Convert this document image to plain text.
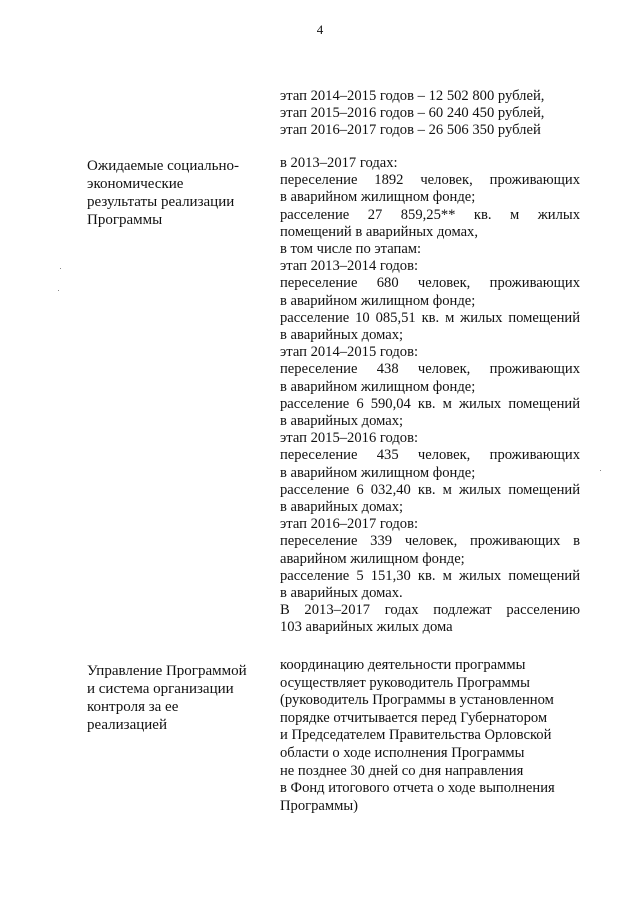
4
этап 2014–2015 годов – 12 502 800 рублей,
этап 2015–2016 годов – 60 240 450 рублей,
этап 2016–2017 годов – 26 506 350 рублей
Ожидаемые социально-экономические результаты реализации Программы
в 2013–2017 годах:
переселение 1892 человек, проживающих
в аварийном жилищном фонде;
расселение 27 859,25** кв. м жилых
помещений в аварийных домах,
в том числе по этапам:
этап 2013–2014 годов:
переселение 680 человек, проживающих
в аварийном жилищном фонде;
расселение 10 085,51 кв. м жилых помещений
в аварийных домах;
этап 2014–2015 годов:
переселение 438 человек, проживающих
в аварийном жилищном фонде;
расселение 6 590,04 кв. м жилых помещений
в аварийных домах;
этап 2015–2016 годов:
переселение 435 человек, проживающих
в аварийном жилищном фонде;
расселение 6 032,40 кв. м жилых помещений
в аварийных домах;
этап 2016–2017 годов:
переселение 339 человек, проживающих в
аварийном жилищном фонде;
расселение 5 151,30 кв. м жилых помещений
в аварийных домах.
В 2013–2017 годах подлежат расселению
103 аварийных жилых дома
Управление Программой и система организации контроля за ее реализацией
координацию деятельности программы
осуществляет руководитель Программы
(руководитель Программы в установленном
порядке отчитывается перед Губернатором
и Председателем Правительства Орловской
области о ходе исполнения Программы
не позднее 30 дней со дня направления
в Фонд итогового отчета о ходе выполнения
Программы)
